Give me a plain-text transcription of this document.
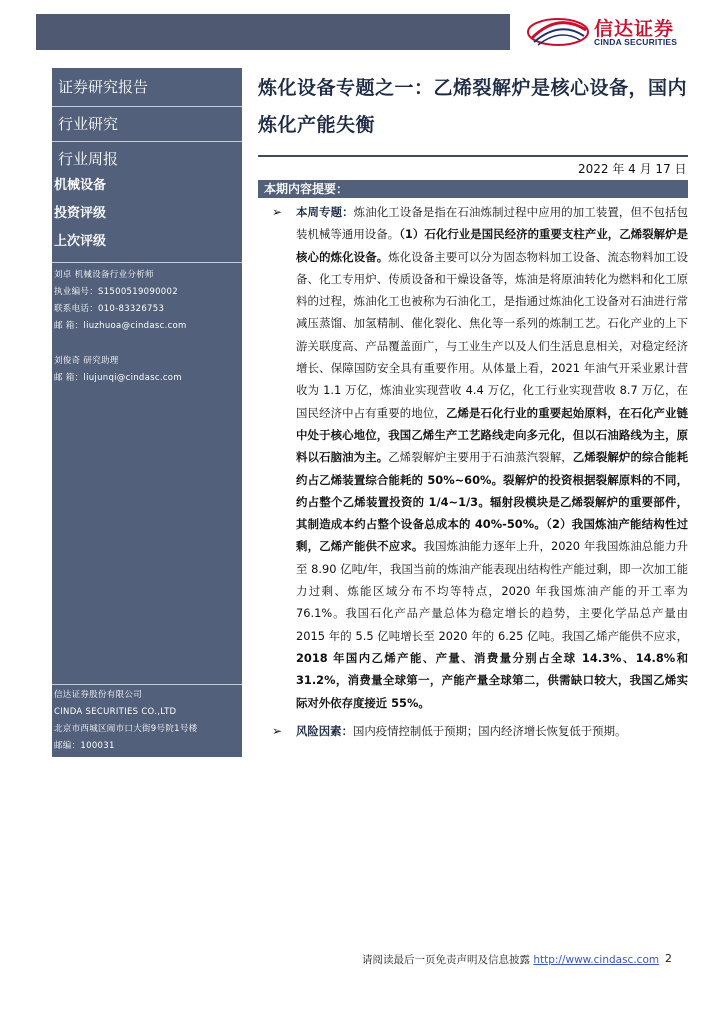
信达证券
CINDA SECURITIES
证券研究报告
行业研究
行业周报
机械设备
投资评级
上次评级
刘卓 机械设备行业分析师
执业编号：S1500519090002
联系电话：010-83326753
邮 箱：liuzhuoa@cindasc.com
刘俊奇 研究助理
邮 箱：liujunqi@cindasc.com
信达证券股份有限公司
CINDA SECURITIES CO.,LTD
北京市西城区闹市口大街9号院1号楼
邮编：100031
炼化设备专题之一：乙烯裂解炉是核心设备，国内炼化产能失衡
2022 年 4 月 17 日
本期内容提要：
➢ 本周专题：炼油化工设备是指在石油炼制过程中应用的加工装置，但不包括包装机械等通用设备。（1）石化行业是国民经济的重要支柱产业，乙烯裂解炉是核心的炼化设备。炼化设备主要可以分为固态物料加工设备、流态物料加工设备、化工专用炉、传质设备和干燥设备等，炼油是将原油转化为燃料和化工原料的过程，炼油化工也被称为石油化工，是指通过炼油化工设备对石油进行常减压蒸馏、加氢精制、催化裂化、焦化等一系列的炼制工艺。石化产业的上下游关联度高、产品覆盖面广，与工业生产以及人们生活息息相关，对稳定经济增长、保障国防安全具有重要作用。从体量上看，2021 年油气开采业累计营收为 1.1 万亿，炼油业实现营收 4.4 万亿，化工行业实现营收 8.7 万亿，在国民经济中占有重要的地位，乙烯是石化行业的重要起始原料，在石化产业链中处于核心地位，我国乙烯生产工艺路线走向多元化，但以石油路线为主，原料以石脑油为主。乙烯裂解炉主要用于石油蒸汽裂解，乙烯裂解炉的综合能耗约占乙烯装置综合能耗的 50%~60%。裂解炉的投资根据裂解原料的不同，约占整个乙烯装置投资的 1/4~1/3。辐射段模块是乙烯裂解炉的重要部件，其制造成本约占整个设备总成本的 40%-50%。（2）我国炼油产能结构性过剩，乙烯产能供不应求。我国炼油能力逐年上升，2020 年我国炼油总能力升至 8.90 亿吨/年，我国当前的炼油产能表现出结构性产能过剩，即一次加工能力过剩、炼能区域分布不均等特点，2020 年我国炼油产能的开工率为 76.1%。我国石化产品产量总体为稳定增长的趋势，主要化学品总产量由 2015 年的 5.5 亿吨增长至 2020 年的 6.25 亿吨。我国乙烯产能供不应求，2018 年国内乙烯产能、产量、消费量分别占全球 14.3%、14.8%和 31.2%，消费量全球第一，产能产量全球第二，供需缺口较大，我国乙烯实际对外依存度接近 55%。
➢ 风险因素：国内疫情控制低于预期；国内经济增长恢复低于预期。
请阅读最后一页免责声明及信息披露 http://www.cindasc.com 2
